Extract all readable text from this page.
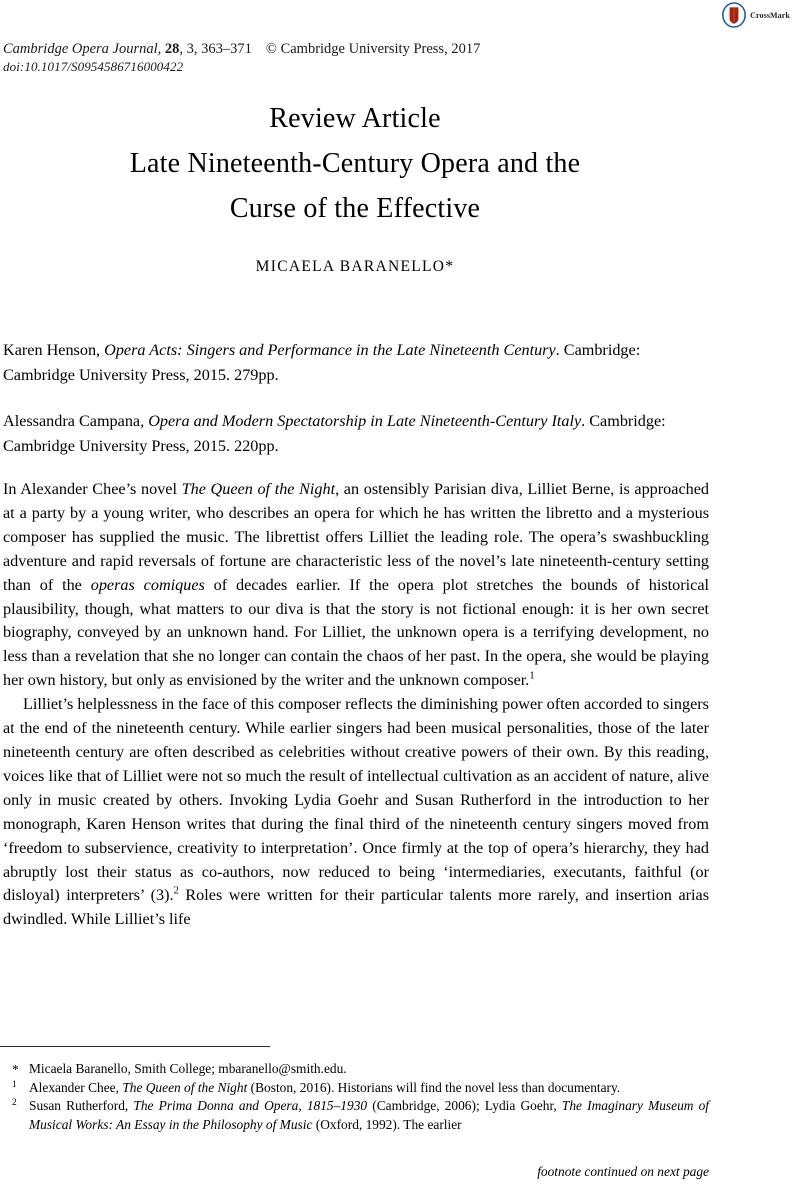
CrossMark
Cambridge Opera Journal, 28, 3, 363–371 © Cambridge University Press, 2017
doi:10.1017/S0954586716000422
Review Article
Late Nineteenth-Century Opera and the
Curse of the Effective
MICAELA BARANELLO*
Karen Henson, Opera Acts: Singers and Performance in the Late Nineteenth Century. Cambridge: Cambridge University Press, 2015. 279pp.
Alessandra Campana, Opera and Modern Spectatorship in Late Nineteenth-Century Italy. Cambridge: Cambridge University Press, 2015. 220pp.

In Alexander Chee’s novel The Queen of the Night, an ostensibly Parisian diva, Lilliet Berne, is approached at a party by a young writer, who describes an opera for which he has written the libretto and a mysterious composer has supplied the music. The librettist offers Lilliet the leading role. The opera’s swashbuckling adventure and rapid reversals of fortune are characteristic less of the novel’s late nineteenth-century setting than of the operas comiques of decades earlier. If the opera plot stretches the bounds of historical plausibility, though, what matters to our diva is that the story is not fictional enough: it is her own secret biography, conveyed by an unknown hand. For Lilliet, the unknown opera is a terrifying development, no less than a revelation that she no longer can contain the chaos of her past. In the opera, she would be playing her own history, but only as envisioned by the writer and the unknown composer.$^1$

Lilliet’s helplessness in the face of this composer reflects the diminishing power often accorded to singers at the end of the nineteenth century. While earlier singers had been musical personalities, those of the later nineteenth century are often described as celebrities without creative powers of their own. By this reading, voices like that of Lilliet were not so much the result of intellectual cultivation as an accident of nature, alive only in music created by others. Invoking Lydia Goehr and Susan Rutherford in the introduction to her monograph, Karen Henson writes that during the final third of the nineteenth century singers moved from ‘freedom to subservience, creativity to interpretation’. Once firmly at the top of opera’s hierarchy, they had abruptly lost their status as co-authors, now reduced to being ‘intermediaries, executants, faithful (or disloyal) interpreters’ (3).$^2$ Roles were written for their particular talents more rarely, and insertion arias dwindled. While Lilliet’s life

* Micaela Baranello, Smith College; mbaranello@smith.edu.
1 Alexander Chee, The Queen of the Night (Boston, 2016). Historians will find the novel less than documentary.
2 Susan Rutherford, The Prima Donna and Opera, 1815–1930 (Cambridge, 2006); Lydia Goehr, The Imaginary Museum of Musical Works: An Essay in the Philosophy of Music (Oxford, 1992). The earlier
footnote continued on next page
